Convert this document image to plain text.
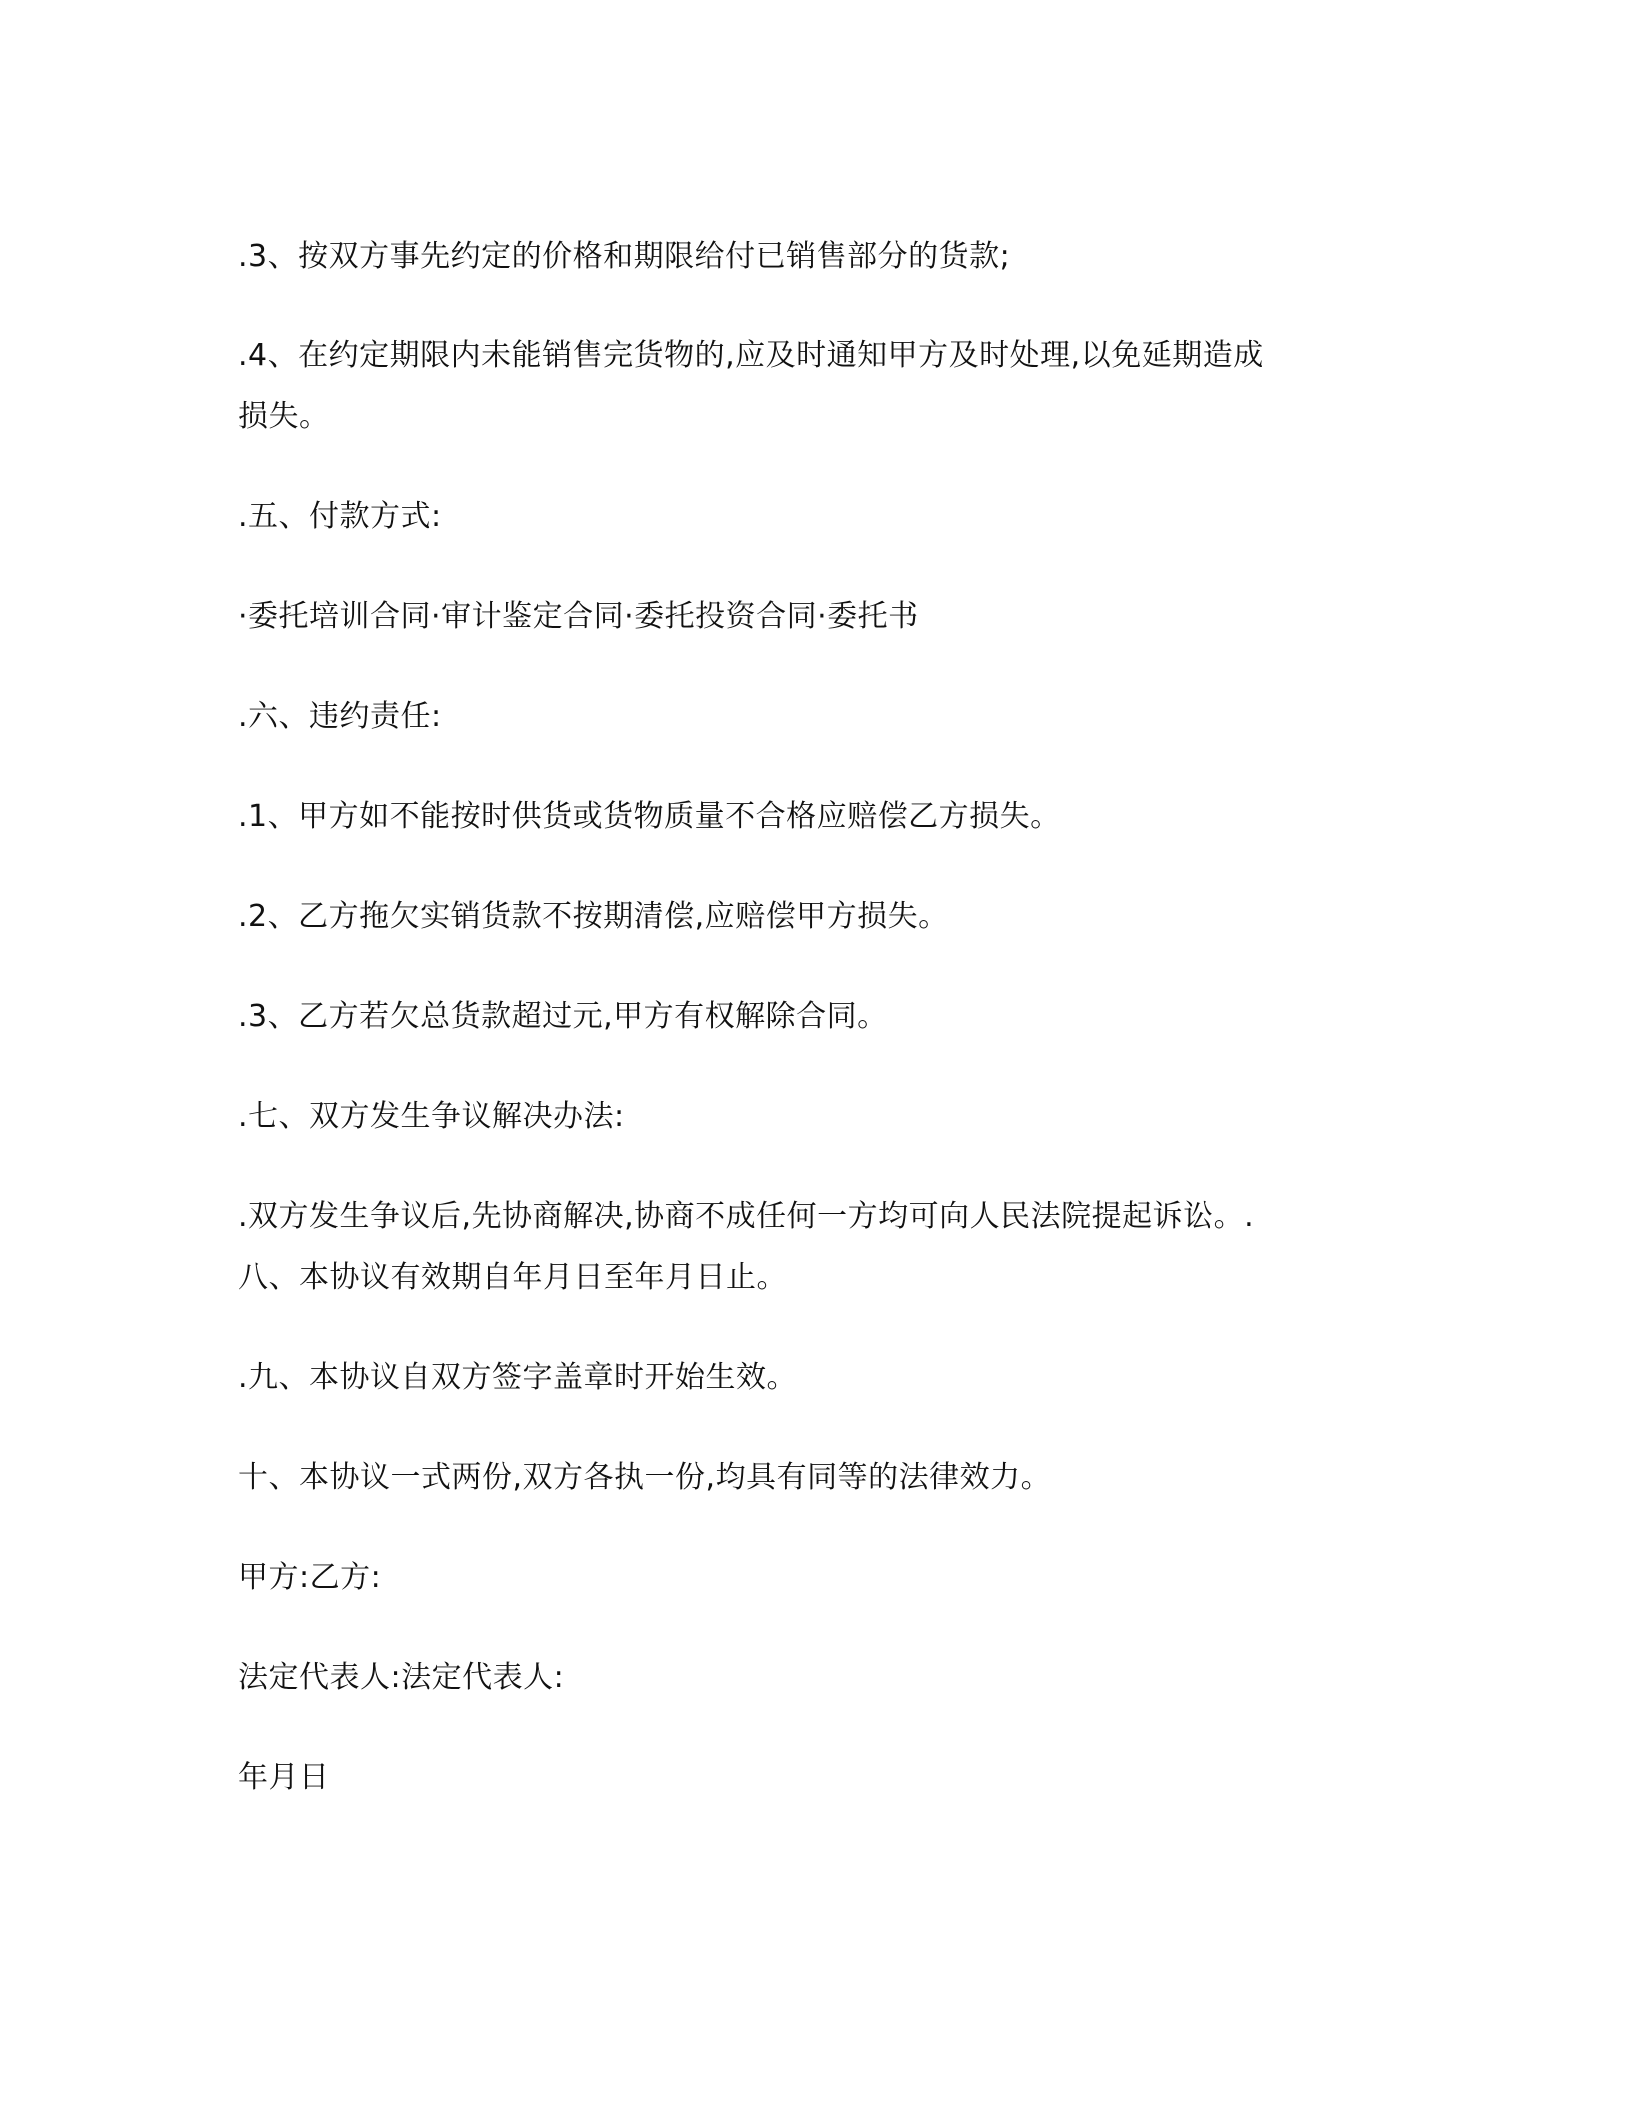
.3、按双方事先约定的价格和期限给付已销售部分的货款;

.4、在约定期限内未能销售完货物的,应及时通知甲方及时处理,以免延期造成

损失。

.五、付款方式:

·委托培训合同·审计鉴定合同·委托投资合同·委托书

.六、违约责任:

.1、甲方如不能按时供货或货物质量不合格应赔偿乙方损失。

.2、乙方拖欠实销货款不按期清偿,应赔偿甲方损失。

.3、乙方若欠总货款超过元,甲方有权解除合同。

.七、双方发生争议解决办法:

.双方发生争议后,先协商解决,协商不成任何一方均可向人民法院提起诉讼。.

八、本协议有效期自年月日至年月日止。

.九、本协议自双方签字盖章时开始生效。

十、本协议一式两份,双方各执一份,均具有同等的法律效力。

甲方:乙方:

法定代表人:法定代表人:

年月日
